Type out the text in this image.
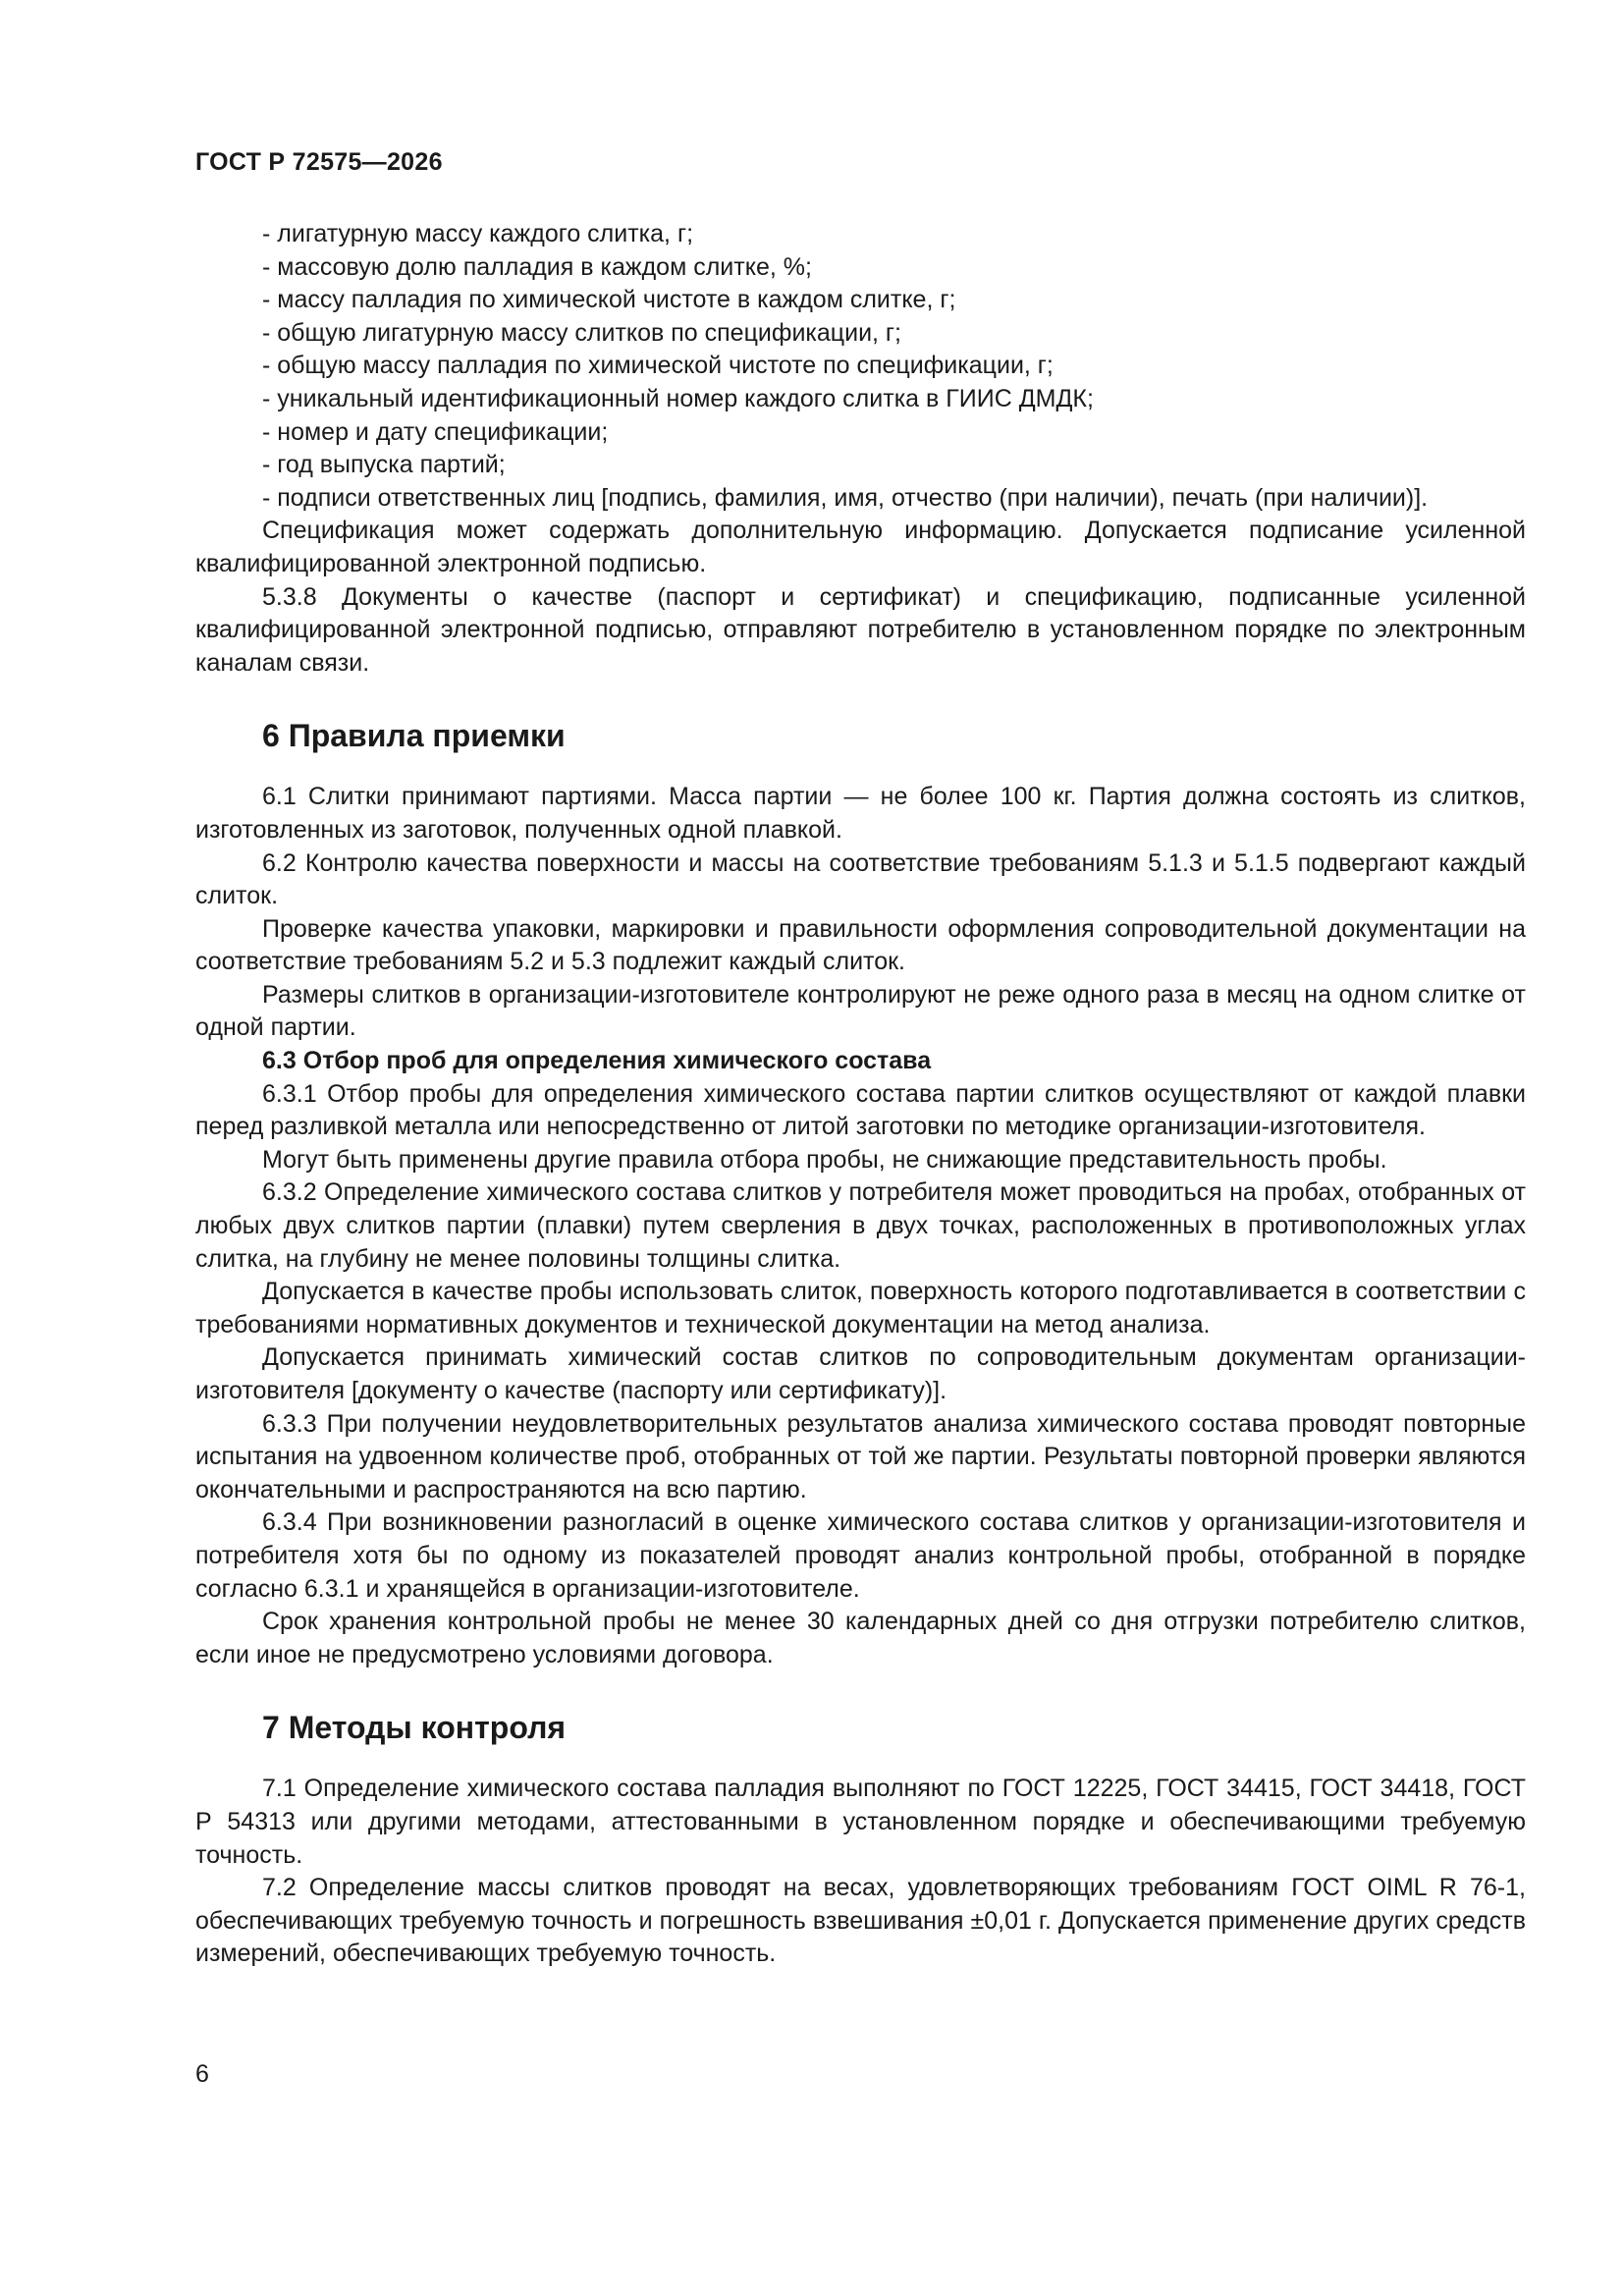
ГОСТ Р 72575—2026

- лигатурную массу каждого слитка, г;

- массовую долю палладия в каждом слитке, %;

- массу палладия по химической чистоте в каждом слитке, г;

- общую лигатурную массу слитков по спецификации, г;

- общую массу палладия по химической чистоте по спецификации, г;

- уникальный идентификационный номер каждого слитка в ГИИС ДМДК;

- номер и дату спецификации;

- год выпуска партий;

- подписи ответственных лиц [подпись, фамилия, имя, отчество (при наличии), печать (при наличии)].

Спецификация может содержать дополнительную информацию. Допускается подписание усиленной квалифицированной электронной подписью.

5.3.8 Документы о качестве (паспорт и сертификат) и спецификацию, подписанные усиленной квалифицированной электронной подписью, отправляют потребителю в установленном порядке по электронным каналам связи.

6 Правила приемки

6.1 Слитки принимают партиями. Масса партии — не более 100 кг. Партия должна состоять из слитков, изготовленных из заготовок, полученных одной плавкой.

6.2 Контролю качества поверхности и массы на соответствие требованиям 5.1.3 и 5.1.5 подвергают каждый слиток.

Проверке качества упаковки, маркировки и правильности оформления сопроводительной документации на соответствие требованиям 5.2 и 5.3 подлежит каждый слиток.

Размеры слитков в организации-изготовителе контролируют не реже одного раза в месяц на одном слитке от одной партии.

6.3 Отбор проб для определения химического состава

6.3.1 Отбор пробы для определения химического состава партии слитков осуществляют от каждой плавки перед разливкой металла или непосредственно от литой заготовки по методике организации-изготовителя.

Могут быть применены другие правила отбора пробы, не снижающие представительность пробы.

6.3.2 Определение химического состава слитков у потребителя может проводиться на пробах, отобранных от любых двух слитков партии (плавки) путем сверления в двух точках, расположенных в противоположных углах слитка, на глубину не менее половины толщины слитка.

Допускается в качестве пробы использовать слиток, поверхность которого подготавливается в соответствии с требованиями нормативных документов и технической документации на метод анализа.

Допускается принимать химический состав слитков по сопроводительным документам организации-изготовителя [документу о качестве (паспорту или сертификату)].

6.3.3 При получении неудовлетворительных результатов анализа химического состава проводят повторные испытания на удвоенном количестве проб, отобранных от той же партии. Результаты повторной проверки являются окончательными и распространяются на всю партию.

6.3.4 При возникновении разногласий в оценке химического состава слитков у организации-изготовителя и потребителя хотя бы по одному из показателей проводят анализ контрольной пробы, отобранной в порядке согласно 6.3.1 и хранящейся в организации-изготовителе.

Срок хранения контрольной пробы не менее 30 календарных дней со дня отгрузки потребителю слитков, если иное не предусмотрено условиями договора.

7 Методы контроля

7.1 Определение химического состава палладия выполняют по ГОСТ 12225, ГОСТ 34415, ГОСТ 34418, ГОСТ Р 54313 или другими методами, аттестованными в установленном порядке и обеспечивающими требуемую точность.

7.2 Определение массы слитков проводят на весах, удовлетворяющих требованиям ГОСТ OIML R 76-1, обеспечивающих требуемую точность и погрешность взвешивания ±0,01 г. Допускается применение других средств измерений, обеспечивающих требуемую точность.

6
